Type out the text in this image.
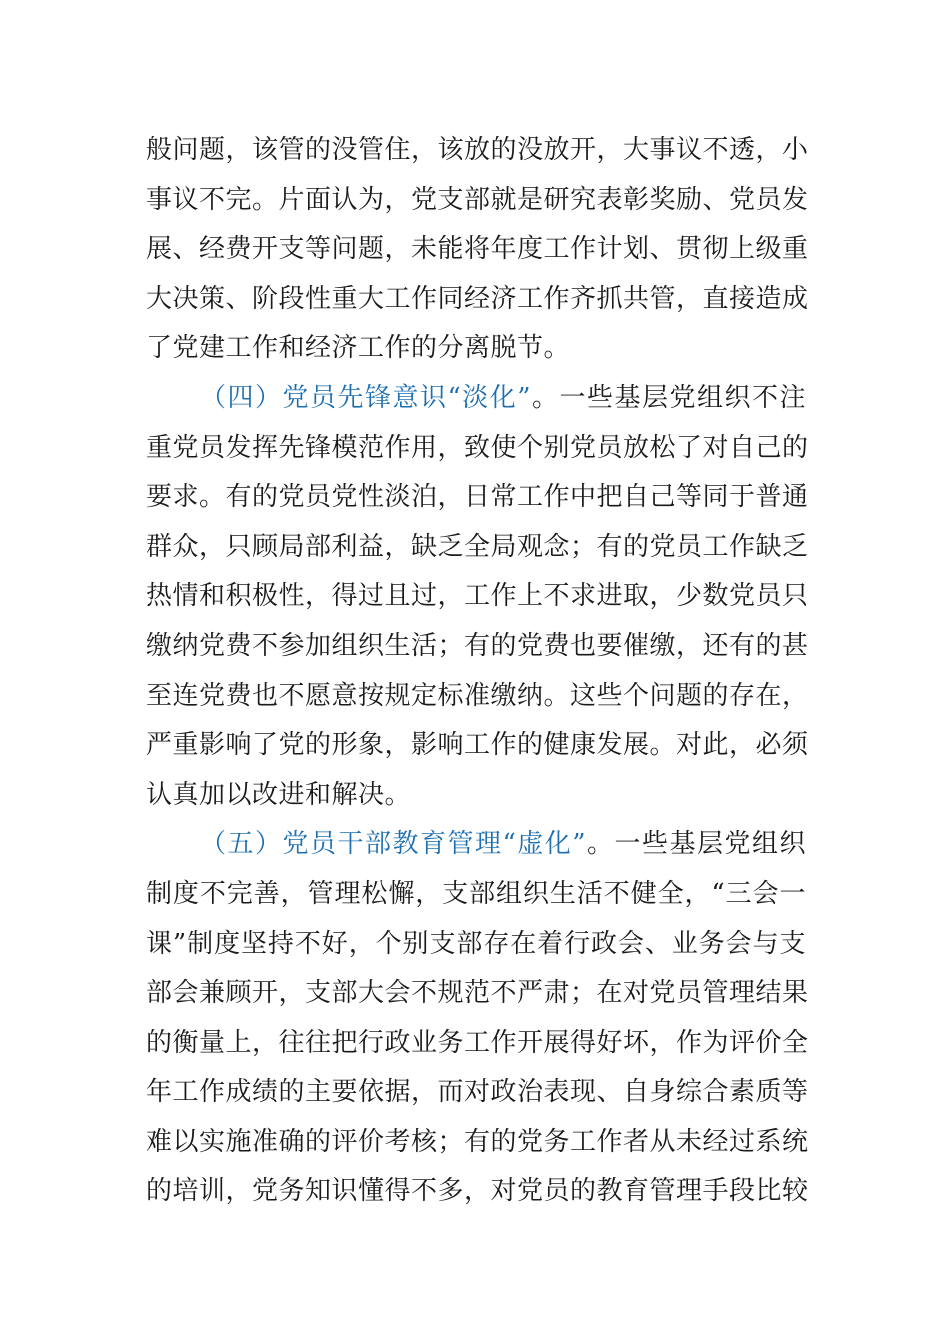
般问题，该管的没管住，该放的没放开，大事议不透，小
事议不完。片面认为，党支部就是研究表彰奖励、党员发
展、经费开支等问题，未能将年度工作计划、贯彻上级重
大决策、阶段性重大工作同经济工作齐抓共管，直接造成
了党建工作和经济工作的分离脱节。
（四）党员先锋意识“淡化”。一些基层党组织不注
重党员发挥先锋模范作用，致使个别党员放松了对自己的
要求。有的党员党性淡泊，日常工作中把自己等同于普通
群众，只顾局部利益，缺乏全局观念；有的党员工作缺乏
热情和积极性，得过且过，工作上不求进取，少数党员只
缴纳党费不参加组织生活；有的党费也要催缴，还有的甚
至连党费也不愿意按规定标准缴纳。这些个问题的存在，
严重影响了党的形象，影响工作的健康发展。对此，必须
认真加以改进和解决。
（五）党员干部教育管理“虚化”。一些基层党组织
制度不完善，管理松懈，支部组织生活不健全，“三会一
课”制度坚持不好，个别支部存在着行政会、业务会与支
部会兼顾开，支部大会不规范不严肃；在对党员管理结果
的衡量上，往往把行政业务工作开展得好坏，作为评价全
年工作成绩的主要依据，而对政治表现、自身综合素质等
难以实施准确的评价考核；有的党务工作者从未经过系统
的培训，党务知识懂得不多，对党员的教育管理手段比较
